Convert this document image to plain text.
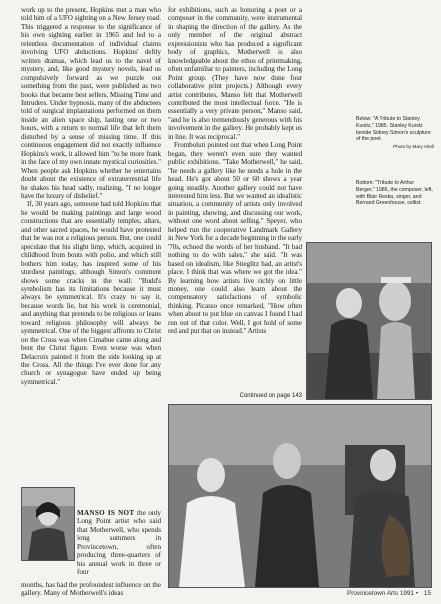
work up to the present, Hopkins met a man who told him of a UFO sighting on a New Jersey road. This triggered a response to the significance of his own sighting earlier in 1965 and led to a relentless documentation of individual claims involving UFO abductions. Hopkins' deftly written dramas, which lead us to the navel of mystery, and, like good mystery novels, lead us compulsively forward as we puzzle out something from the past, were published as two books that became best sellers, Missing Time and Intruders. Under hypnosis, many of the abductees told of surgical implantations performed on them inside an alien space ship, lasting one or two hours, with a return to normal life that left them disturbed by a sense of missing time. If this continuous engagement did not exactly influence Hopkins's work, it allowed him "to be more frank in the face of my own innate mystical curiosities." When people ask Hopkins whether he entertains doubt about the existence of extraterrestrial life he shakes his head sadly, realizing, "I no longer have the luxury of disbelief."

If, 30 years ago, someone had told Hopkins that he would be making paintings and large wood constructions that are essentially temples, altars, and other sacred spaces, he would have protested that he was not a religious person. But, one could speculate that his slight limp, which, acquired in childhood from bouts with polio, and which still bothers him today, has inspired some of his sturdiest paintings, although Simon's comment shows some cracks in the wall: "Budd's symbolism has its limitations because it must always be symmetrical. It's crazy to say it, because words lie, but his work is ceremonial, and anything that pretends to be religious or leans toward religious philosophy will always be symmetrical. One of the biggest affronts to Christ on the Cross was when Cimabue came along and bent the Christ figure. Even worse was when Delacroix painted it from the side looking up at the Cross. All the things I've ever done for any church or synagogue have ended up being symmetrical."

for exhibitions, such as honoring a poet or a composer in the community, were instrumental in shaping the direction of the gallery. As the only member of the original abstract expressionists who has produced a significant body of graphics, Motherwell is also knowledgeable about the ethos of printmaking, often unfamiliar to painters, including the Long Point group. (They have now done four collaborative print projects.) Although every artist contributes, Manso felt that Motherwell contributed the most intellectual force. "He is essentially a very private person," Manso said, "and he is also tremendously generous with his involvement in the gallery. He probably kept us in line. It was reciprocal."

Fromboluti pointed out that when Long Point began, they weren't even sure they wanted public exhibitions. "Take Motherwell," he said, "he needs a gallery like he needs a hole in the head. He's got about 50 or 60 shows a year going steadily. Another gallery could not have interested him less. But we wanted an idealistic situation, a community of artists only involved in painting, showing, and discussing our work, without one word about selling." Speyer, who helped run the cooperative Landmark Gallery in New York for a decade beginning in the early '70s, echoed the words of her husband. "It had nothing to do with sales," she said. "It was based on idealism, like Stieglitz had, an artist's place. I think that was where we got the idea." By learning how artists live richly on little money, one could also learn about the compensatory satisfactions of symbolic thinking. Picasso once remarked, "How often when about to put blue on canvas I found I had run out of that color. Well, I got hold of some red and put that on instead." Artists

Continued on page 143
Below: "A Tribute to Stanley Kunitz," 1985. Stanley Kunitz beside Sidney Simon's sculpture of the poet.
Photo by Mary Abell
Bottom: "Tribute to Arthur Berger," 1986, the composer, left, with Blair Reska, singer, and Bernard Greenhouse, cellist.
MANSO IS NOT the only Long Point artist who said that Motherwell, who spends long summers in Provincetown, often producing three-quarters of his annual work in three or four
months, has had the profoundest influence on the gallery. Many of Motherwell's ideas	Provincetown Arts 1991 • 15
